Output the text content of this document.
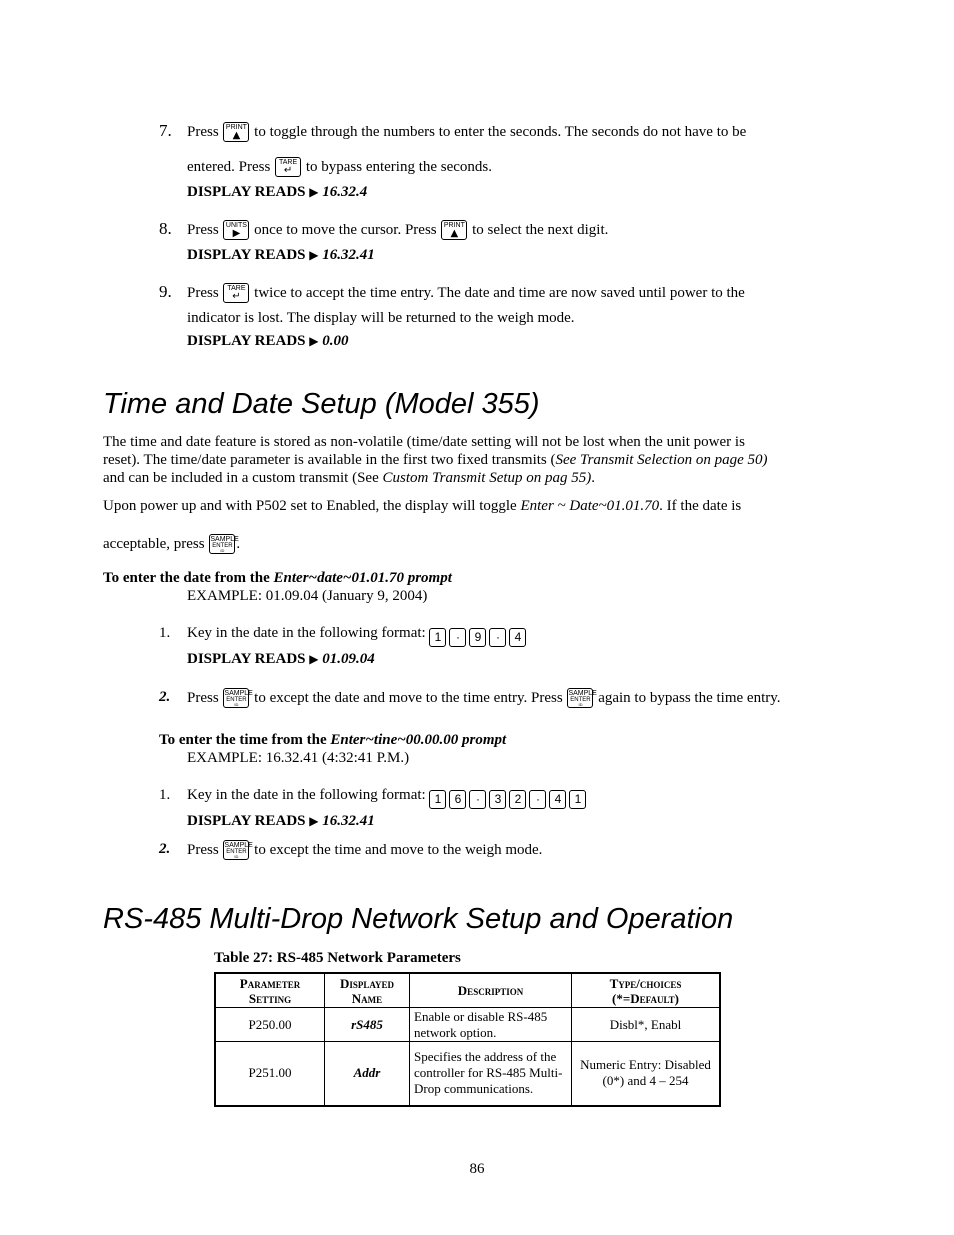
7. Press PRINT
▲ to toggle through the numbers to enter the seconds. The seconds do not have to be
entered. Press	TARE
↵ to bypass entering the seconds.
DISPLAY READS ▶ 16.32.4
8. Press UNITS
▶ once to move the cursor. Press PRINT
▲ to select the next digit.
DISPLAY READS ▶ 16.32.41
9. Press	TARE
↵ twice to accept the time entry. The date and time are now saved until power to the
indicator is lost. The display will be returned to the weigh mode.
DISPLAY READS ▶ 0.00
Time and Date Setup (Model 355)
The time and date feature is stored as non-volatile (time/date setting will not be lost when the unit power is
reset). The time/date parameter is available in the first two fixed transmits (See Transmit Selection on page 50)
and can be included in a custom transmit (See Custom Transmit Setup on pag 55).
Upon power up and with P502 set to Enabled, the display will toggle Enter ~ Date~01.01.70. If the date is
acceptable, press SAMPLE
ENTER
ID .
To enter the date from the Enter~date~01.01.70 prompt
EXAMPLE: 01.09.04 (January 9, 2004)
1. Key in the date in the following format: 1 · 9 · 4
DISPLAY READS ▶ 01.09.04
2. Press SAMPLE
ENTER
ID	to except the date and move to the time entry. Press SAMPLE
ENTER
ID	again to bypass the time entry.
To enter the time from the Enter~tine~00.00.00 prompt
EXAMPLE: 16.32.41 (4:32:41 P.M.)
1. Key in the date in the following format: 1 6 · 3 2 · 4 1
DISPLAY READS ▶ 16.32.41
2. Press SAMPLE
ENTER
ID	to except the time and move to the weigh mode.
RS-485 Multi-Drop Network Setup and Operation
Table 27: RS-485 Network Parameters
Parameter Setting	Displayed Name	Description	Type/choices (*=Default)
P250.00	rS485	Enable or disable RS-485 network option.	Disbl*, Enabl
P251.00	Addr	Specifies the address of the controller for RS-485 Multi-Drop communications.	Numeric Entry: Disabled (0*) and 4 – 254
86
